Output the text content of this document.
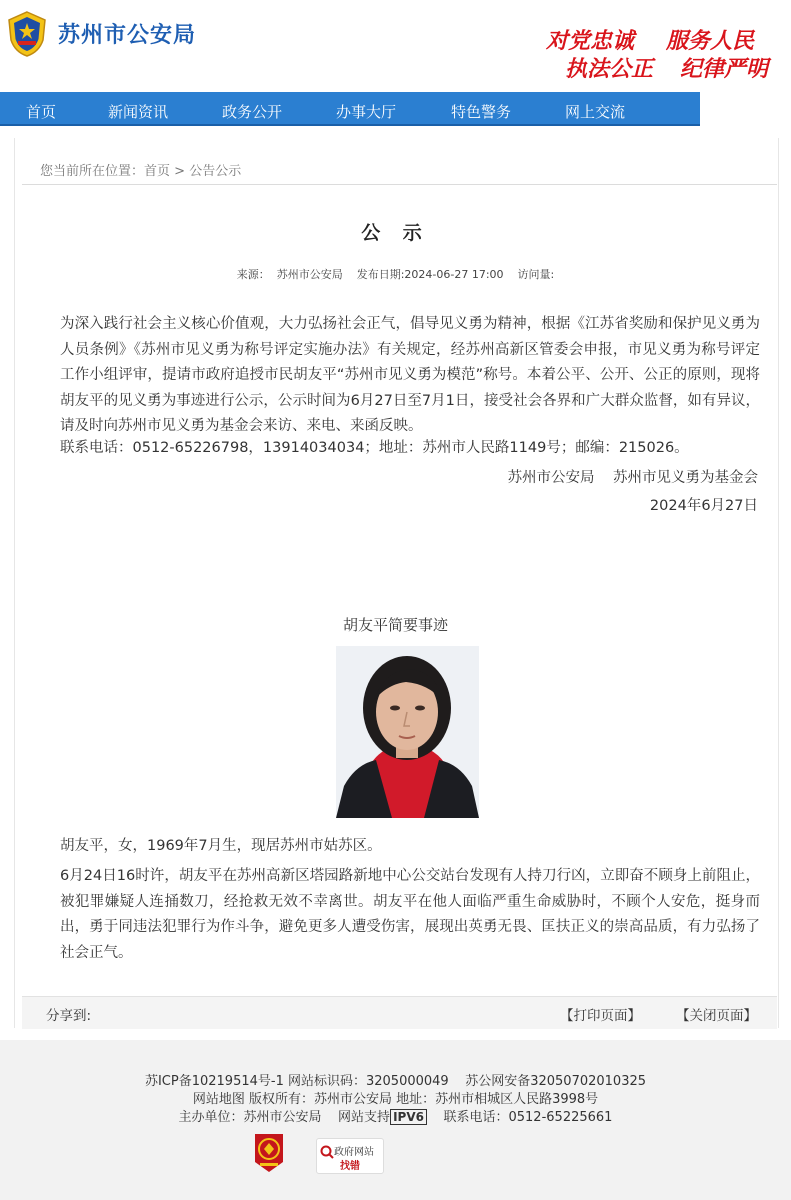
苏州市公安局	对党忠诚 服务人民
执法公正 纪律严明
首页	新闻资讯	政务公开	办事大厅	特色警务	网上交流
您当前所在位置：首页 > 公告公示
公 示
来源：  苏州市公安局    发布日期:2024-06-27 17:00    访问量:
为深入践行社会主义核心价值观，大力弘扬社会正气，倡导见义勇为精神，根据《江苏省奖励和保护见义勇为人员条例》《苏州市见义勇为称号评定实施办法》有关规定，经苏州高新区管委会申报，市见义勇为称号评定工作小组评审，提请市政府追授市民胡友平“苏州市见义勇为模范”称号。本着公平、公开、公正的原则，现将胡友平的见义勇为事迹进行公示，公示时间为6月27日至7月1日，接受社会各界和广大群众监督，如有异议，请及时向苏州市见义勇为基金会来访、来电、来函反映。
联系电话：0512-65226798，13914034034；地址：苏州市人民路1149号；邮编：215026。
苏州市公安局    苏州市见义勇为基金会
2024年6月27日
胡友平简要事迹
胡友平，女，1969年7月生，现居苏州市姑苏区。
6月24日16时许，胡友平在苏州高新区塔园路新地中心公交站台发现有人持刀行凶，立即奋不顾身上前阻止，被犯罪嫌疑人连捅数刀，经抢救无效不幸离世。胡友平在他人面临严重生命威胁时，不顾个人安危，挺身而出，勇于同违法犯罪行为作斗争，避免更多人遭受伤害，展现出英勇无畏、匡扶正义的崇高品质，有力弘扬了社会正气。
分享到:	【打印页面】	【关闭页面】
苏ICP备10219514号-1 网站标识码：3205000049    苏公网安备32050702010325
网站地图 版权所有：苏州市公安局 地址：苏州市相城区人民路3998号
主办单位：苏州市公安局    网站支持 IPV6    联系电话：0512-65225661
政府网站
找错
